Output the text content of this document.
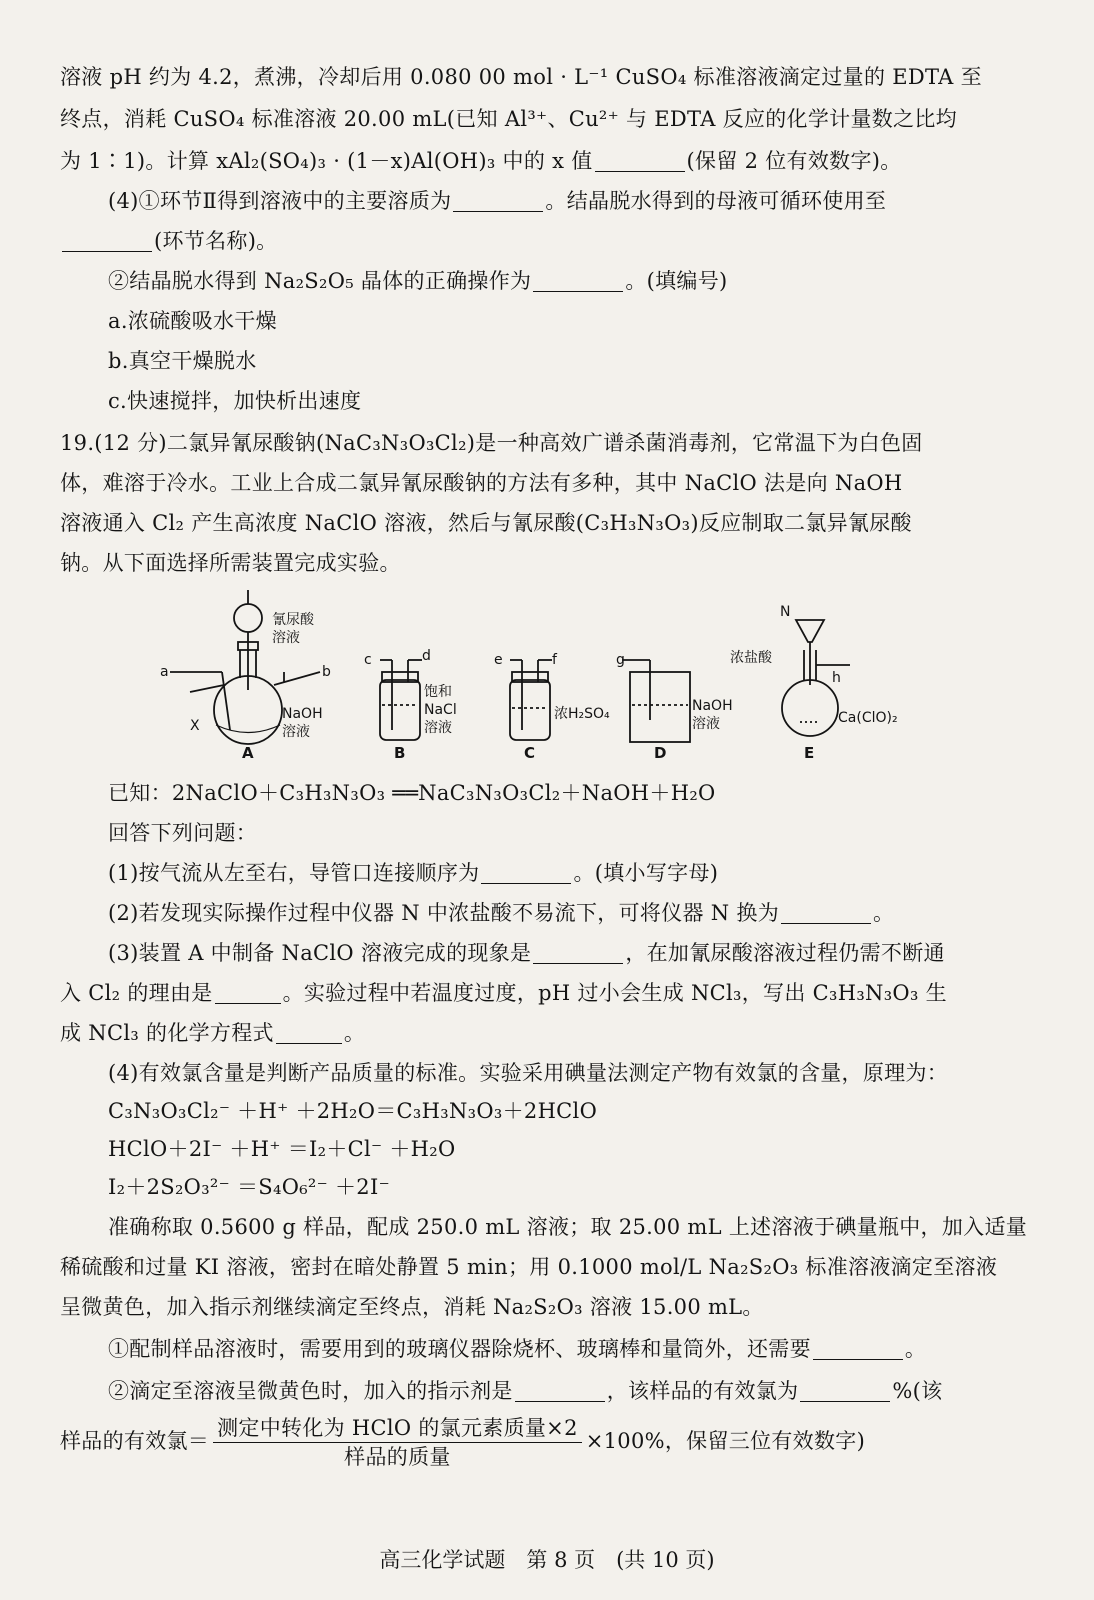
溶液 pH 约为 4.2，煮沸，冷却后用 0.080 00 mol · L⁻¹ CuSO₄ 标准溶液滴定过量的 EDTA 至
终点，消耗 CuSO₄ 标准溶液 20.00 mL(已知 Al³⁺、Cu²⁺ 与 EDTA 反应的化学计量数之比均
为 1∶1)。计算 xAl₂(SO₄)₃ · (1－x)Al(OH)₃ 中的 x 值	(保留 2 位有效数字)。
(4)①环节Ⅱ得到溶液中的主要溶质为	。结晶脱水得到的母液可循环使用至
(环节名称)。
②结晶脱水得到 Na₂S₂O₅ 晶体的正确操作为	。(填编号)
a.浓硫酸吸水干燥
b.真空干燥脱水
c.快速搅拌，加快析出速度
19.(12 分)二氯异氰尿酸钠(NaC₃N₃O₃Cl₂)是一种高效广谱杀菌消毒剂，它常温下为白色固
体，难溶于冷水。工业上合成二氯异氰尿酸钠的方法有多种，其中 NaClO 法是向 NaOH
溶液通入 Cl₂ 产生高浓度 NaClO 溶液，然后与氰尿酸(C₃H₃N₃O₃)反应制取二氯异氰尿酸
钠。从下面选择所需装置完成实验。
氰尿酸
溶液
a	b
X
NaOH
溶液
A
c	d
饱和
NaCl
溶液
B
e	f
浓H₂SO₄
C
g
NaOH
溶液
D
N
浓盐酸
h
Ca(ClO)₂
E
已知：2NaClO＋C₃H₃N₃O₃ ══NaC₃N₃O₃Cl₂＋NaOH＋H₂O
回答下列问题：
(1)按气流从左至右，导管口连接顺序为	。(填小写字母)
(2)若发现实际操作过程中仪器 N 中浓盐酸不易流下，可将仪器 N 换为	。
(3)装置 A 中制备 NaClO 溶液完成的现象是	，在加氰尿酸溶液过程仍需不断通
入 Cl₂ 的理由是	。实验过程中若温度过度，pH 过小会生成 NCl₃，写出 C₃H₃N₃O₃ 生
成 NCl₃ 的化学方程式	。
(4)有效氯含量是判断产品质量的标准。实验采用碘量法测定产物有效氯的含量，原理为：
C₃N₃O₃Cl₂⁻ ＋H⁺ ＋2H₂O＝C₃H₃N₃O₃＋2HClO
HClO＋2I⁻ ＋H⁺ ＝I₂＋Cl⁻ ＋H₂O
I₂＋2S₂O₃²⁻ ＝S₄O₆²⁻ ＋2I⁻
准确称取 0.5600 g 样品，配成 250.0 mL 溶液；取 25.00 mL 上述溶液于碘量瓶中，加入适量
稀硫酸和过量 KI 溶液，密封在暗处静置 5 min；用 0.1000 mol/L Na₂S₂O₃ 标准溶液滴定至溶液
呈微黄色，加入指示剂继续滴定至终点，消耗 Na₂S₂O₃ 溶液 15.00 mL。
①配制样品溶液时，需要用到的玻璃仪器除烧杯、玻璃棒和量筒外，还需要	。
②滴定至溶液呈微黄色时，加入的指示剂是	，该样品的有效氯为	%(该
样品的有效氯＝ $\frac{\text{测定中转化为 HClO 的氯元素质量×2}}{\text{样品的质量}} \times 100\%$，保留三位有效数字)
高三化学试题　第 8 页　(共 10 页)
